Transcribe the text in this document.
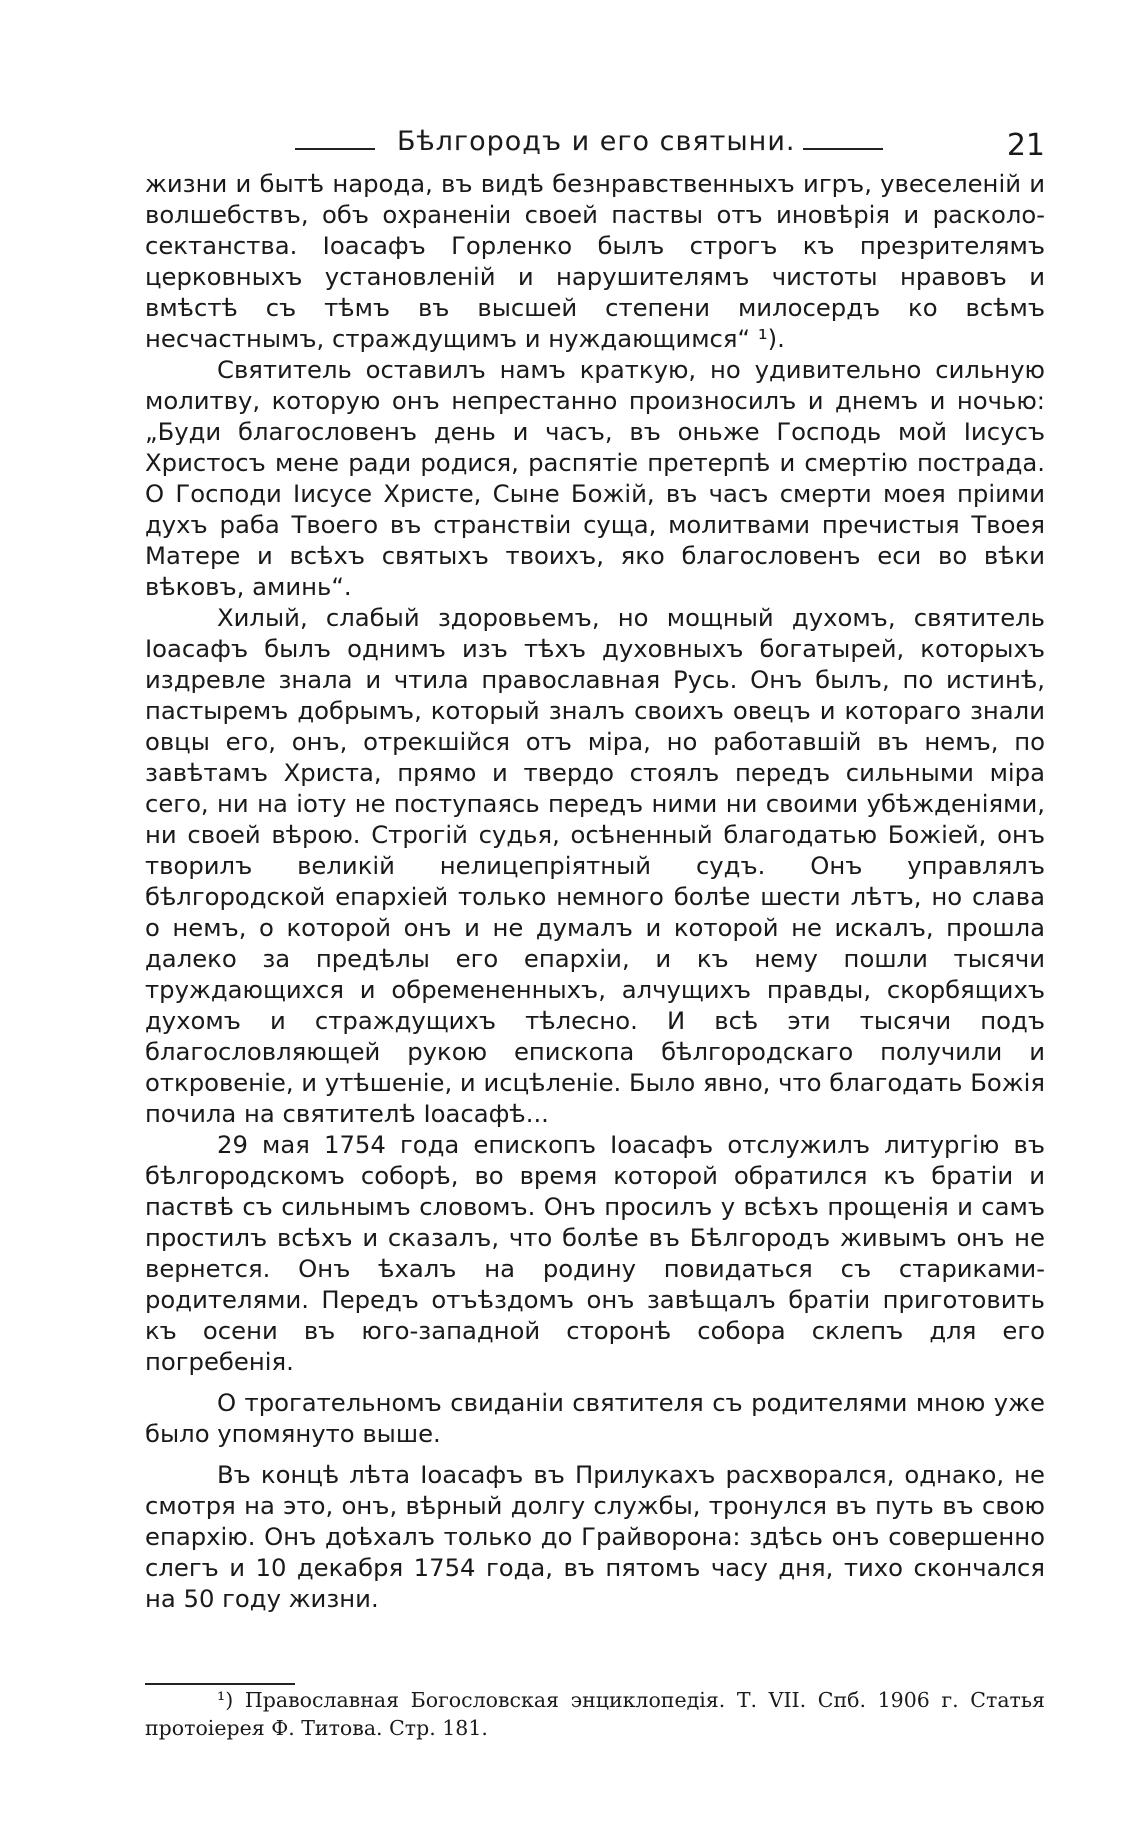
Бѣлгородъ и его святыни.	21

жизни и бытѣ народа, въ видѣ безнравственныхъ игръ, увеселеній и волшебствъ, объ охраненіи своей паствы отъ иновѣрія и расколо-сектанства. Іоасафъ Горленко былъ строгъ къ презрителямъ церковныхъ установленій и нарушителямъ чистоты нравовъ и вмѣстѣ съ тѣмъ въ высшей степени милосердъ ко всѣмъ несчастнымъ, страждущимъ и нуждающимся“ ¹).

Святитель оставилъ намъ краткую, но удивительно сильную молитву, которую онъ непрестанно произносилъ и днемъ и ночью: „Буди благословенъ день и часъ, въ оньже Господь мой Іисусъ Христосъ мене ради родися, распятіе претерпѣ и смертію пострада. О Господи Іисусе Христе, Сыне Божій, въ часъ смерти моея пріими духъ раба Твоего въ странствіи суща, молитвами пречистыя Твоея Матере и всѣхъ святыхъ твоихъ, яко благословенъ еси во вѣки вѣковъ, аминь“.

Хилый, слабый здоровьемъ, но мощный духомъ, святитель Іоасафъ былъ однимъ изъ тѣхъ духовныхъ богатырей, которыхъ издревле знала и чтила православная Русь. Онъ былъ, по истинѣ, пастыремъ добрымъ, который зналъ своихъ овецъ и котораго знали овцы его, онъ, отрекшійся отъ міра, но работавшій въ немъ, по завѣтамъ Христа, прямо и твердо стоялъ передъ сильными міра сего, ни на іоту не поступаясь передъ ними ни своими убѣжденіями, ни своей вѣрою. Строгій судья, осѣненный благодатью Божіей, онъ творилъ великій нелицепріятный судъ. Онъ управлялъ бѣлгородской епархіей только немного болѣе шести лѣтъ, но слава о немъ, о которой онъ и не думалъ и которой не искалъ, прошла далеко за предѣлы его епархіи, и къ нему пошли тысячи труждающихся и обремененныхъ, алчущихъ правды, скорбящихъ духомъ и страждущихъ тѣлесно. И всѣ эти тысячи подъ благословляющей рукою епископа бѣлгородскаго получили и откровеніе, и утѣшеніе, и исцѣленіе. Было явно, что благодать Божія почила на святителѣ Іоасафѣ...

29 мая 1754 года епископъ Іоасафъ отслужилъ литургію въ бѣлгородскомъ соборѣ, во время которой обратился къ братіи и паствѣ съ сильнымъ словомъ. Онъ просилъ у всѣхъ прощенія и самъ простилъ всѣхъ и сказалъ, что болѣе въ Бѣлгородъ живымъ онъ не вернется. Онъ ѣхалъ на родину повидаться съ стариками-родителями. Передъ отъѣздомъ онъ завѣщалъ братіи приготовить къ осени въ юго-западной сторонѣ собора склепъ для его погребенія.

О трогательномъ свиданіи святителя съ родителями мною уже было упомянуто выше.

Въ концѣ лѣта Іоасафъ въ Прилукахъ расхворался, однако, не смотря на это, онъ, вѣрный долгу службы, тронулся въ путь въ свою епархію. Онъ доѣхалъ только до Грайворона: здѣсь онъ совершенно слегъ и 10 декабря 1754 года, въ пятомъ часу дня, тихо скончался на 50 году жизни.

¹) Православная Богословская энциклопедія. Т. VII. Спб. 1906 г. Статья протоіерея Ф. Титова. Стр. 181.
